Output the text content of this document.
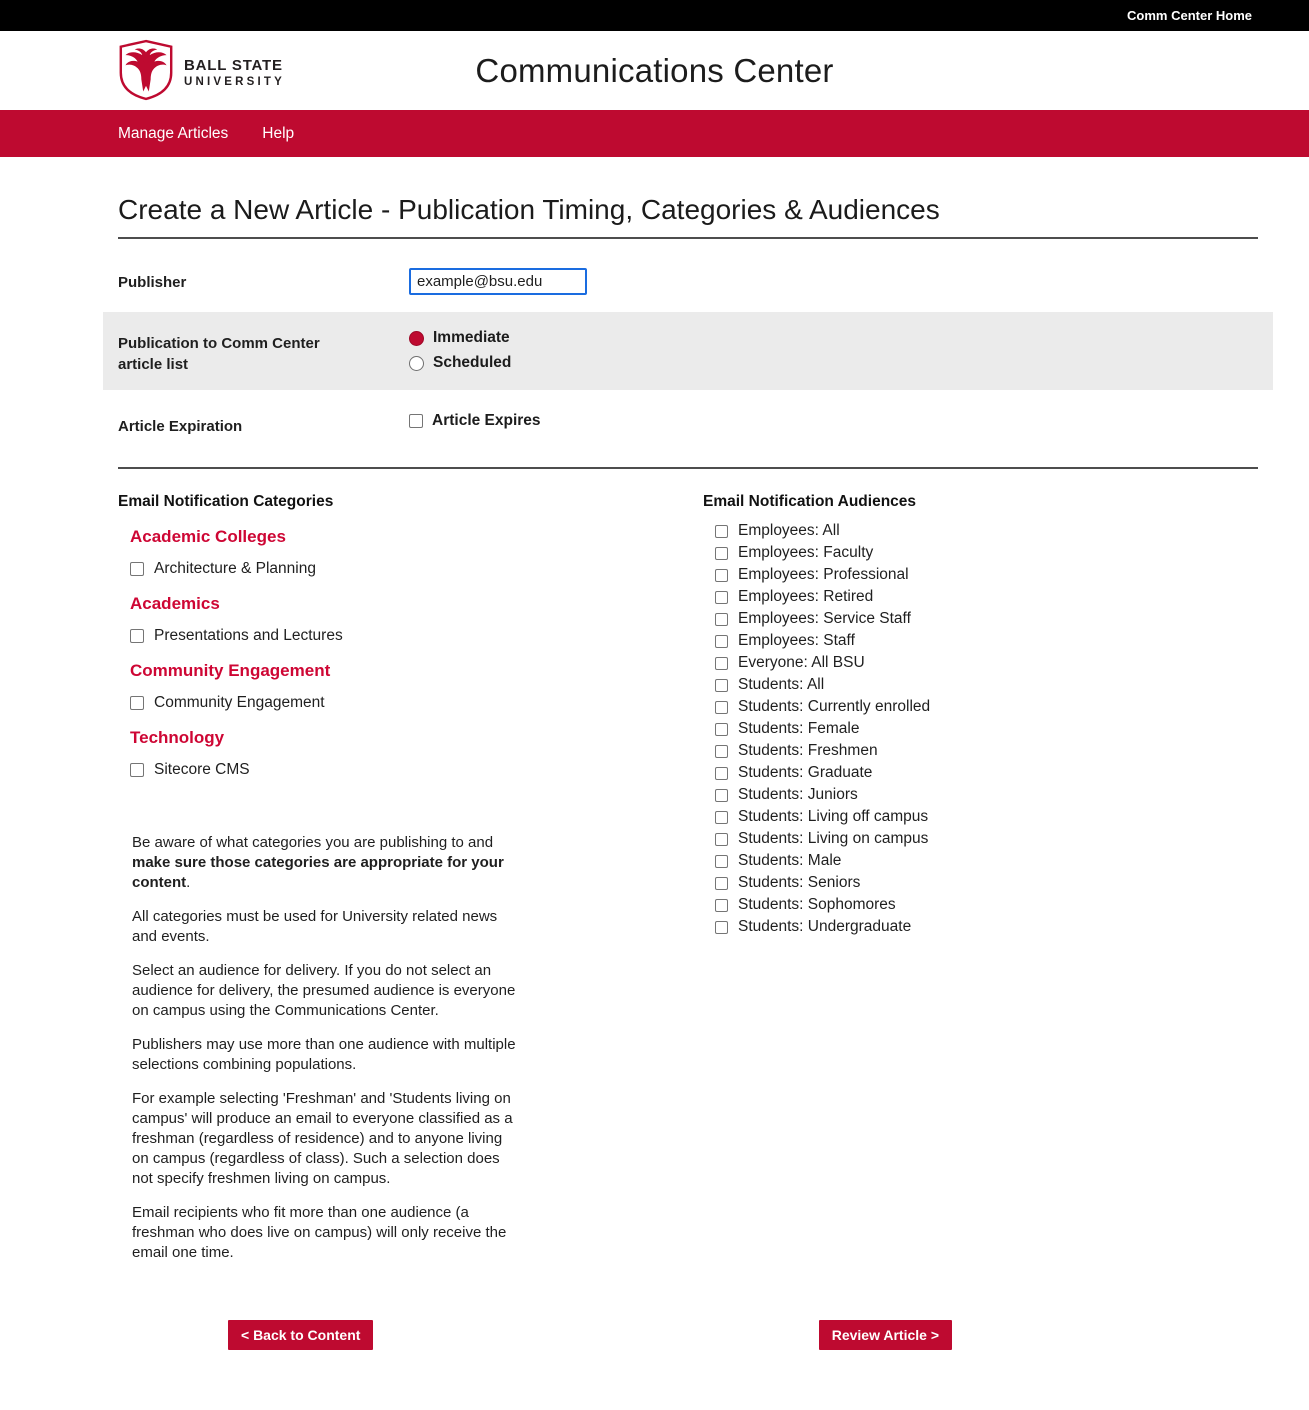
Comm Center Home
BALL STATE
UNIVERSITY	Communications Center
Manage Articles Help
Create a New Article - Publication Timing, Categories & Audiences
Publisher
example@bsu.edu
Publication to Comm Center article list
Immediate
Scheduled
Article Expiration	Article Expires
Email Notification Categories
Academic Colleges
Architecture & Planning
Academics
Presentations and Lectures
Community Engagement
Community Engagement
Technology
Sitecore CMS

Be aware of what categories you are publishing to and make sure those categories are appropriate for your content.

All categories must be used for University related news and events.

Select an audience for delivery. If you do not select an audience for delivery, the presumed audience is everyone on campus using the Communications Center.

Publishers may use more than one audience with multiple selections combining populations.

For example selecting 'Freshman' and 'Students living on campus' will produce an email to everyone classified as a freshman (regardless of residence) and to anyone living on campus (regardless of class). Such a selection does not specify freshmen living on campus.

Email recipients who fit more than one audience (a freshman who does live on campus) will only receive the email one time.

Email Notification Audiences
Employees: All
Employees: Faculty
Employees: Professional
Employees: Retired
Employees: Service Staff
Employees: Staff
Everyone: All BSU
Students: All
Students: Currently enrolled
Students: Female
Students: Freshmen
Students: Graduate
Students: Juniors
Students: Living off campus
Students: Living on campus
Students: Male
Students: Seniors
Students: Sophomores
Students: Undergraduate
< Back to Content	Review Article >
